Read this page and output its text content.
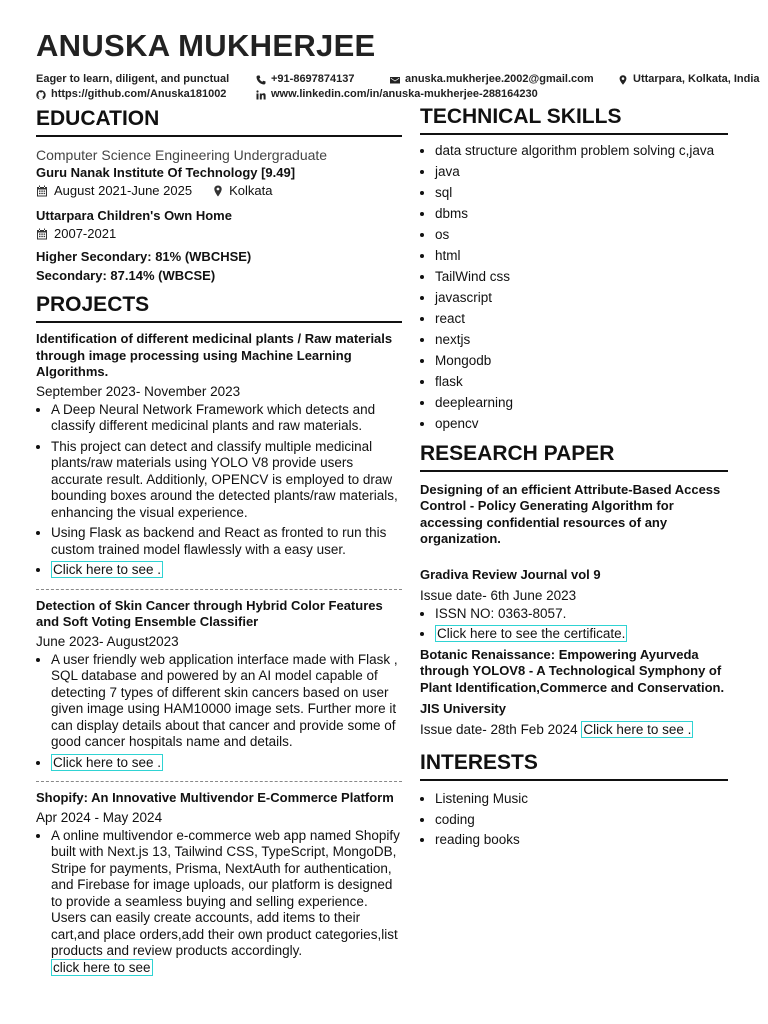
ANUSKA MUKHERJEE
Eager to learn, diligent, and punctual	+91-8697874137	anuska.mukherjee.2002@gmail.com	Uttarpara, Kolkata, India
https://github.com/Anuska181002	www.linkedin.com/in/anuska-mukherjee-288164230
EDUCATION
Computer Science Engineering Undergraduate
Guru Nanak Institute Of Technology [9.49]
August 2021-June 2025	Kolkata
Uttarpara Children's Own Home
2007-2021
Higher Secondary: 81% (WBCHSE)
Secondary: 87.14% (WBCSE)
PROJECTS
Identification of different medicinal plants / Raw materials through image processing using Machine Learning Algorithms.
September 2023- November 2023
• A Deep Neural Network Framework which detects and classify different medicinal plants and raw materials.
• This project can detect and classify multiple medicinal plants/raw materials using YOLO V8 provide users accurate result. Additionly, OPENCV is employed to draw bounding boxes around the detected plants/raw materials, enhancing the visual experience.
• Using Flask as backend and React as fronted to run this custom trained model flawlessly with a easy user.
• Click here to see .
Detection of Skin Cancer through Hybrid Color Features and Soft Voting Ensemble Classifier
June 2023- August2023
• A user friendly web application interface made with Flask , SQL database and powered by an AI model capable of detecting 7 types of different skin cancers based on user given image using HAM10000 image sets. Further more it can display details about that cancer and provide some of good cancer hospitals name and details.
• Click here to see .
Shopify: An Innovative Multivendor E-Commerce Platform
Apr 2024 - May 2024
• A online multivendor e-commerce web app named Shopify built with Next.js 13, Tailwind CSS, TypeScript, MongoDB, Stripe for payments, Prisma, NextAuth for authentication, and Firebase for image uploads, our platform is designed to provide a seamless buying and selling experience. Users can easily create accounts, add items to their cart,and place orders,add their own product categories,list products and review products accordingly.
click here to see
TECHNICAL SKILLS
• data structure algorithm problem solving c,java
• java
• sql
• dbms
• os
• html
• TailWind css
• javascript
• react
• nextjs
• Mongodb
• flask
• deeplearning
• opencv
RESEARCH PAPER
Designing of an efficient Attribute-Based Access Control - Policy Generating Algorithm for accessing confidential resources of any organization.
Gradiva Review Journal vol 9
Issue date- 6th June 2023
• ISSN NO: 0363-8057.
• Click here to see the certificate.
Botanic Renaissance: Empowering Ayurveda through YOLOV8 - A Technological Symphony of Plant Identification,Commerce and Conservation.
JIS University
Issue date- 28th Feb 2024 Click here to see .
INTERESTS
• Listening Music
• coding
• reading books
